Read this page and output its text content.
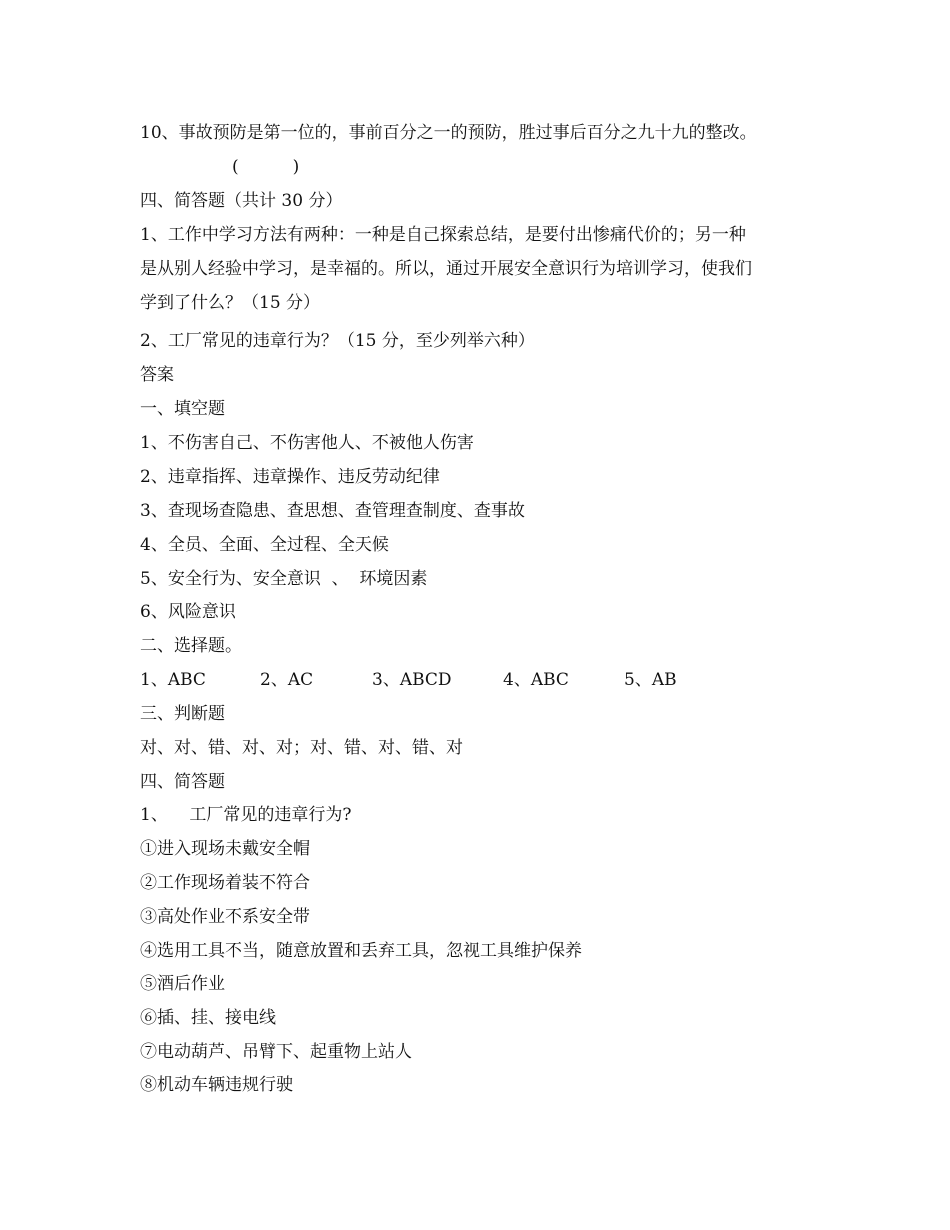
10、事故预防是第一位的，事前百分之一的预防，胜过事后百分之九十九的整改。
(          )
四、简答题（共计 30 分）
1、工作中学习方法有两种：一种是自己探索总结，是要付出惨痛代价的；另一种
是从别人经验中学习，是幸福的。所以，通过开展安全意识行为培训学习，使我们
学到了什么？（15 分）
2、工厂常见的违章行为？（15 分，至少列举六种）
答案
一、填空题
1、不伤害自己、不伤害他人、不被他人伤害
2、违章指挥、违章操作、违反劳动纪律
3、查现场查隐患、查思想、查管理查制度、查事故
4、全员、全面、全过程、全天候
5、安全行为、安全意识  、  环境因素
6、风险意识
二、选择题。
1、ABC	2、AC	3、ABCD	4、ABC	5、AB
三、判断题
对、对、错、对、对；对、错、对、错、对
四、简答题
1、    工厂常见的违章行为?
①进入现场未戴安全帽
②工作现场着装不符合
③高处作业不系安全带
④选用工具不当，随意放置和丢弃工具，忽视工具维护保养
⑤酒后作业
⑥插、挂、接电线
⑦电动葫芦、吊臂下、起重物上站人
⑧机动车辆违规行驶
